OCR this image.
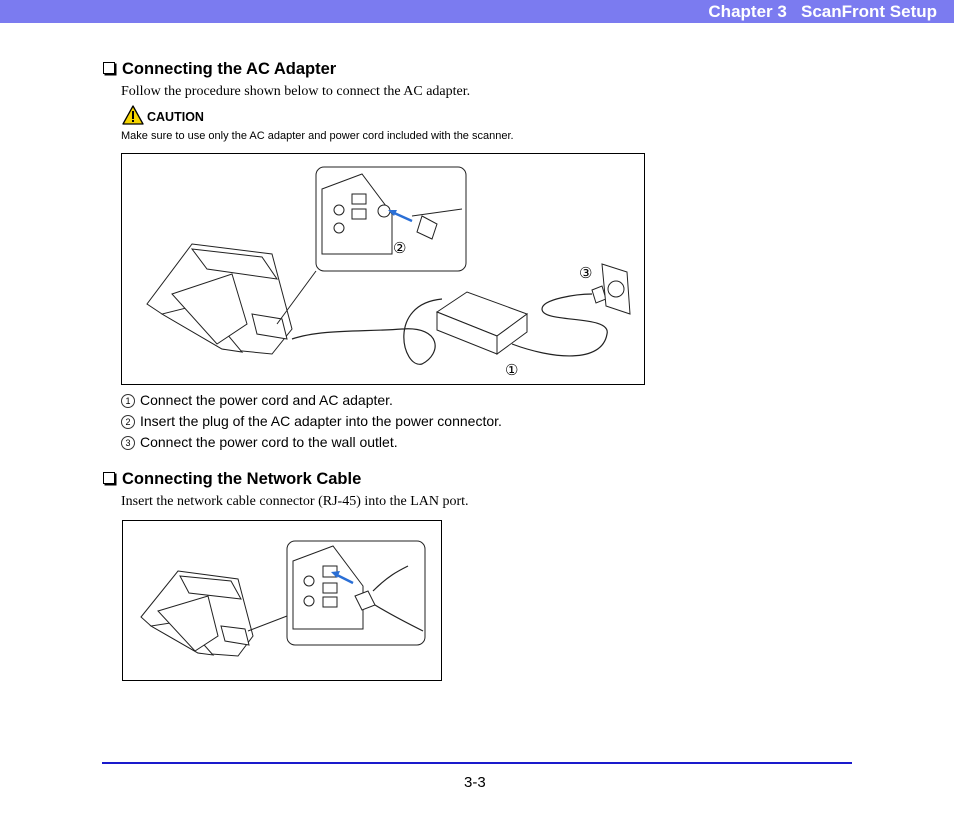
Chapter 3   ScanFront Setup
Connecting the AC Adapter
Follow the procedure shown below to connect the AC adapter.
CAUTION
Make sure to use only the AC adapter and power cord included with the scanner.
②
③
①
1 Connect the power cord and AC adapter.
2 Insert the plug of the AC adapter into the power connector.
3 Connect the power cord to the wall outlet.
Connecting the Network Cable
Insert the network cable connector (RJ-45) into the LAN port.
3-3
